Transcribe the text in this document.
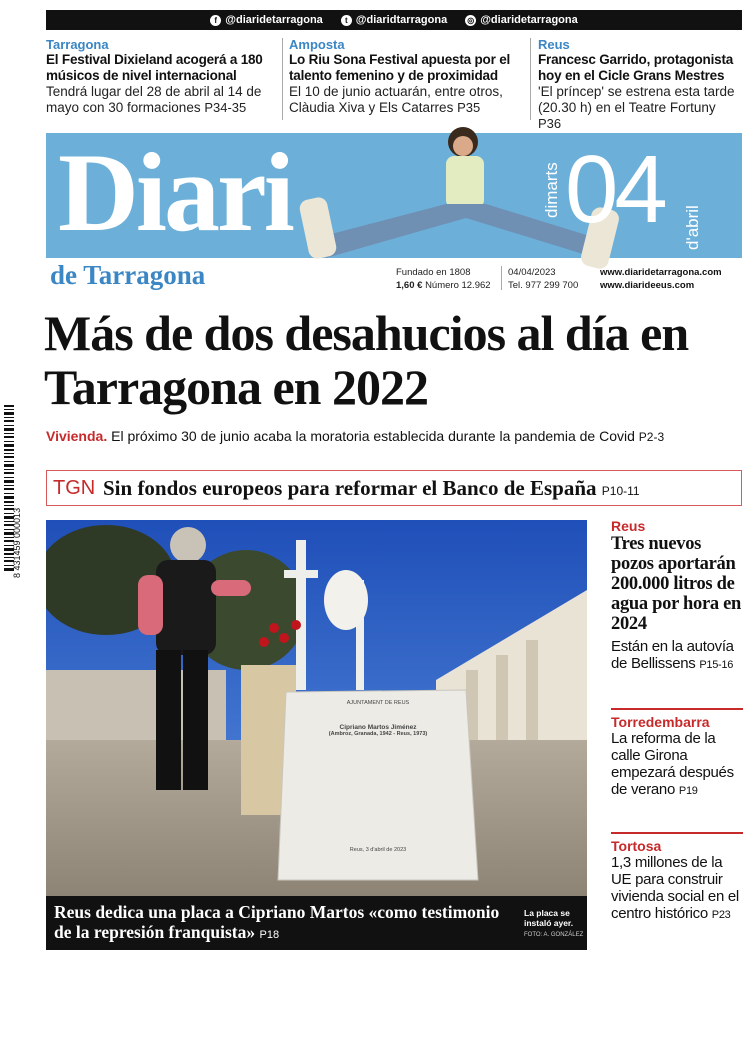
f @diaridetarragona	t @diaridtarragona	◎ @diaridetarragona
Tarragona
El Festival Dixieland acogerá a 180 músicos de nivel internacional
Tendrá lugar del 28 de abril al 14 de mayo con 30 formaciones P34-35
Amposta
Lo Riu Sona Festival apuesta por el talento femenino y de proximidad
El 10 de junio actuarán, entre otros, Clàudia Xiva y Els Catarres P35
Reus
Francesc Garrido, protagonista hoy en el Cicle Grans Mestres
'El príncep' se estrena esta tarde (20.30 h) en el Teatre Fortuny P36
Diari	dimarts 04 d'abril
de Tarragona	Fundado en 1808
1,60 € Número 12.962
04/04/2023
Tel. 977 299 700
www.diaridetarragona.com
www.diarideeus.com
Más de dos desahucios al día en Tarragona en 2022
Vivienda. El próximo 30 de junio acaba la moratoria establecida durante la pandemia de Covid P2-3
TGN Sin fondos europeos para reformar el Banco de España P10-11
AJUNTAMENT DE REUS
Cipriano Martos Jiménez
(Ambroz, Granada, 1942 - Reus, 1973)
Reus, 3 d'abril de 2023
Reus dedica una placa a Cipriano Martos «como testimonio de la represión franquista» P18
La placa se instaló ayer.
FOTO: A. GONZÁLEZ
Reus
Tres nuevos pozos aportarán 200.000 litros de agua por hora en 2024
Están en la autovía de Bellissens P15-16
Torredembarra
La reforma de la calle Girona empezará después de verano P19
Tortosa
1,3 millones de la UE para construir vivienda social en el centro histórico P23
8 431459 000013
